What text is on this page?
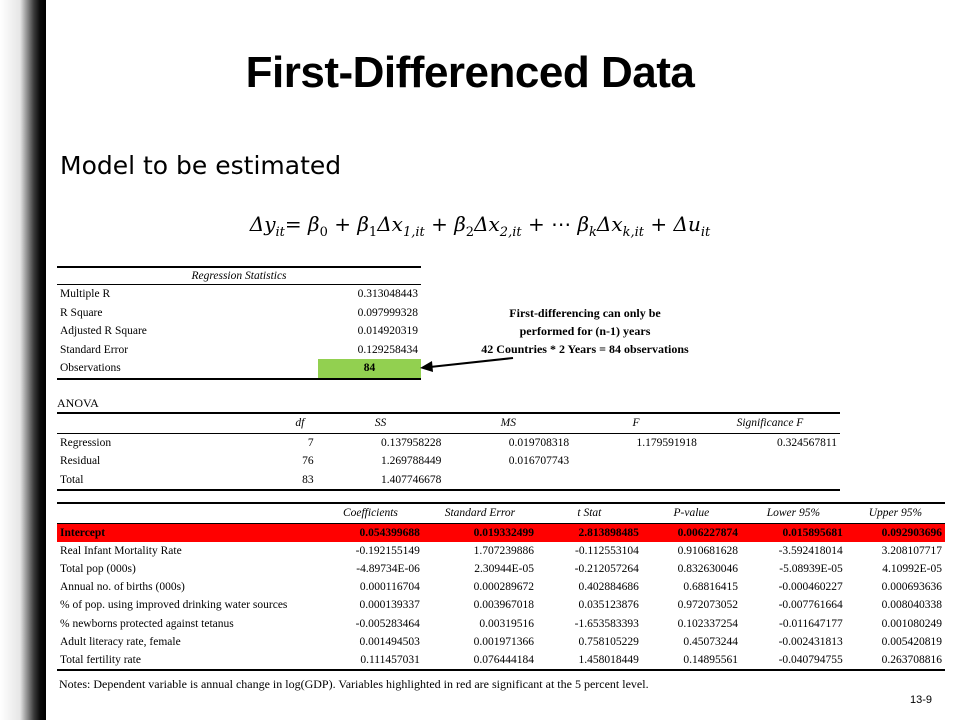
First-Differenced Data
Model to be estimated
$\Delta y_{it}= \beta_0 + \beta_1\Delta x_{1,it} + \beta_2\Delta x_{2,it}$ + ⋯ $\beta_k\Delta x_{k,it} + \Delta u_{it}$
Regression Statistics	
Multiple R	0.313048443
R Square	0.097999328
Adjusted R Square	0.014920319
Standard Error	0.129258434
Observations	84
First-differencing can only be
performed for (n-1) years
42 Countries * 2 Years = 84 observations
ANOVA
	df	SS	MS	F	Significance F
Regression	7	0.137958228	0.019708318	1.179591918	0.324567811
Residual	76	1.269788449	0.016707743		
Total	83	1.407746678			
	Coefficients	Standard Error	t Stat	P-value	Lower 95%	Upper 95%
Intercept	0.054399688	0.019332499	2.813898485	0.006227874	0.015895681	0.092903696
Real Infant Mortality Rate	-0.192155149	1.707239886	-0.112553104	0.910681628	-3.592418014	3.208107717
Total pop (000s)	-4.89734E-06	2.30944E-05	-0.212057264	0.832630046	-5.08939E-05	4.10992E-05
Annual no. of births (000s)	0.000116704	0.000289672	0.402884686	0.68816415	-0.000460227	0.000693636
% of pop. using improved drinking water sources	0.000139337	0.003967018	0.035123876	0.972073052	-0.007761664	0.008040338
% newborns protected against tetanus	-0.005283464	0.00319516	-1.653583393	0.102337254	-0.011647177	0.001080249
Adult literacy rate, female	0.001494503	0.001971366	0.758105229	0.45073244	-0.002431813	0.005420819
Total fertility rate	0.111457031	0.076444184	1.458018449	0.14895561	-0.040794755	0.263708816
Notes: Dependent variable is annual change in log(GDP). Variables highlighted in red are significant at the 5 percent level.
13-9
